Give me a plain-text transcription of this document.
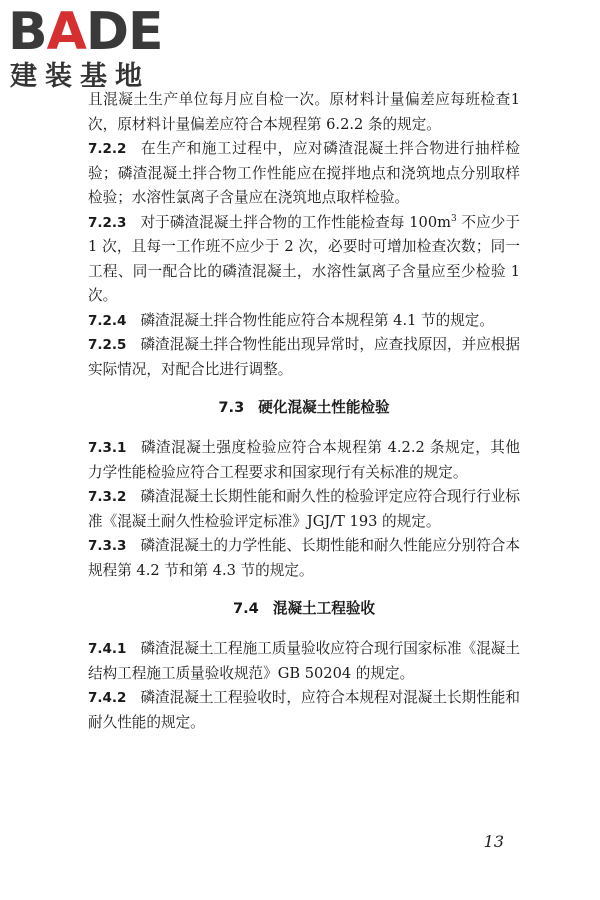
BADE
建装基地

且混凝土生产单位每月应自检一次。原材料计量偏差应每班检查1次，原材料计量偏差应符合本规程第 6.2.2 条的规定。

7.2.2 在生产和施工过程中，应对磷渣混凝土拌合物进行抽样检验；磷渣混凝土拌合物工作性能应在搅拌地点和浇筑地点分别取样检验；水溶性氯离子含量应在浇筑地点取样检验。

7.2.3 对于磷渣混凝土拌合物的工作性能检查每 $100m^3$ 不应少于 1 次，且每一工作班不应少于 2 次，必要时可增加检查次数；同一工程、同一配合比的磷渣混凝土，水溶性氯离子含量应至少检验 1 次。

7.2.4 磷渣混凝土拌合物性能应符合本规程第 4.1 节的规定。

7.2.5 磷渣混凝土拌合物性能出现异常时，应查找原因，并应根据实际情况，对配合比进行调整。

7.3 硬化混凝土性能检验

7.3.1 磷渣混凝土强度检验应符合本规程第 4.2.2 条规定，其他力学性能检验应符合工程要求和国家现行有关标准的规定。

7.3.2 磷渣混凝土长期性能和耐久性的检验评定应符合现行行业标准《混凝土耐久性检验评定标准》JGJ/T 193 的规定。

7.3.3 磷渣混凝土的力学性能、长期性能和耐久性能应分别符合本规程第 4.2 节和第 4.3 节的规定。

7.4 混凝土工程验收

7.4.1 磷渣混凝土工程施工质量验收应符合现行国家标准《混凝土结构工程施工质量验收规范》GB 50204 的规定。

7.4.2 磷渣混凝土工程验收时，应符合本规程对混凝土长期性能和耐久性能的规定。

13
